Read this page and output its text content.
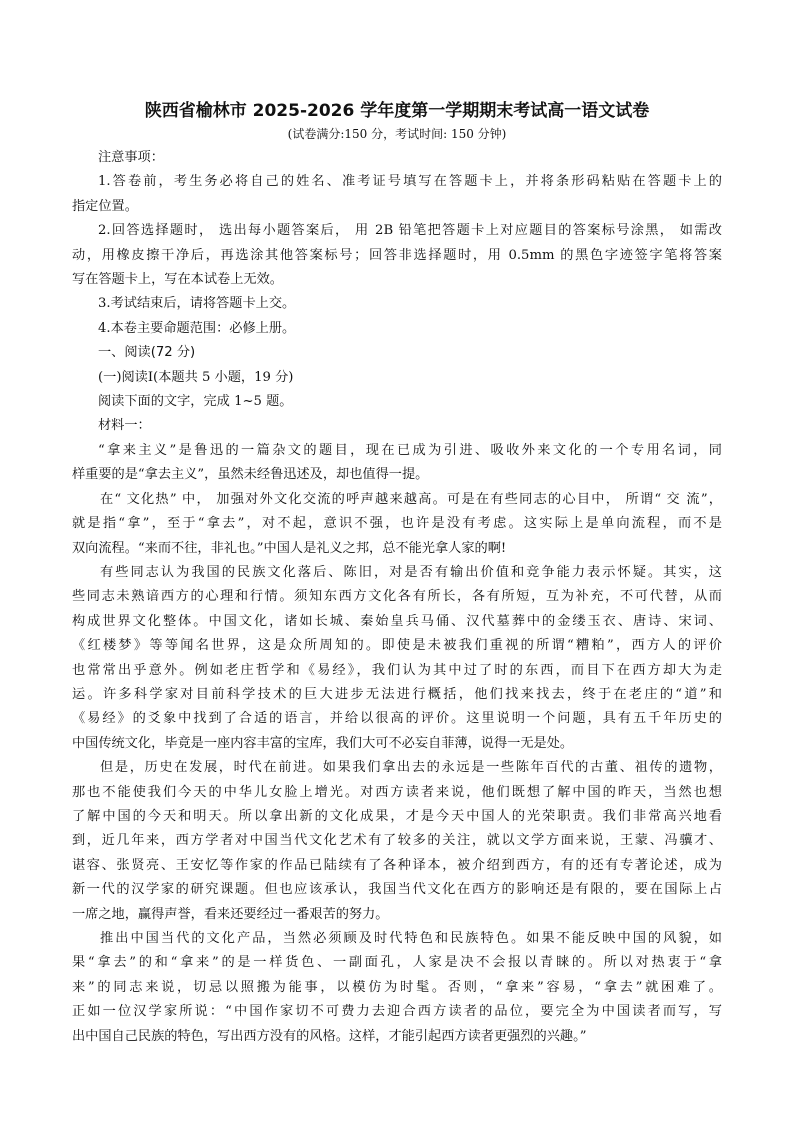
陕西省榆林市 2025-2026 学年度第一学期期末考试高一语文试卷
(试卷满分:150 分，考试时间: 150 分钟)
注意事项：
1.答卷前，考生务必将自己的姓名、准考证号填写在答题卡上，并将条形码粘贴在答题卡上的
指定位置。
2.回答选择题时， 选出每小题答案后， 用 2B 铅笔把答题卡上对应题目的答案标号涂黑， 如需改
动，用橡皮擦干净后，再选涂其他答案标号；回答非选择题时，用 0.5mm 的黑色字迹签字笔将答案
写在答题卡上，写在本试卷上无效。
3.考试结束后，请将答题卡上交。
4.本卷主要命题范围：必修上册。
一、阅读(72 分)
(一)阅读Ⅰ(本题共 5 小题，19 分)
阅读下面的文字，完成 1~5 题。
材料一：
“拿来主义”是鲁迅的一篇杂文的题目，现在已成为引进、吸收外来文化的一个专用名词，同
样重要的是“拿去主义”，虽然未经鲁迅述及，却也值得一提。
在“ 文化热” 中， 加强对外文化交流的呼声越来越高。可是在有些同志的心目中， 所谓“ 交 流”，
就是指“拿”，至于“拿去”，对不起，意识不强，也许是没有考虑。这实际上是单向流程，而不是
双向流程。“来而不往，非礼也。”中国人是礼义之邦，总不能光拿人家的啊!
有些同志认为我国的民族文化落后、陈旧，对是否有输出价值和竞争能力表示怀疑。其实，这
些同志未熟谙西方的心理和行情。须知东西方文化各有所长，各有所短，互为补充，不可代替，从而
构成世界文化整体。中国文化，诸如长城、秦始皇兵马俑、汉代墓葬中的金缕玉衣、唐诗、宋词、
《红楼梦》等等闻名世界，这是众所周知的。即使是未被我们重视的所谓“糟粕”，西方人的评价
也常常出乎意外。例如老庄哲学和《易经》，我们认为其中过了时的东西，而目下在西方却大为走
运。许多科学家对目前科学技术的巨大进步无法进行概括，他们找来找去，终于在老庄的“道”和
《易经》的爻象中找到了合适的语言，并给以很高的评价。这里说明一个问题，具有五千年历史的
中国传统文化，毕竟是一座内容丰富的宝库，我们大可不必妄自菲薄，说得一无是处。
但是，历史在发展，时代在前进。如果我们拿出去的永远是一些陈年百代的古董、祖传的遗物，
那也不能使我们今天的中华儿女脸上增光。对西方读者来说，他们既想了解中国的昨天，当然也想
了解中国的今天和明天。所以拿出新的文化成果，才是今天中国人的光荣职责。我们非常高兴地看
到，近几年来，西方学者对中国当代文化艺术有了较多的关注，就以文学方面来说，王蒙、冯骥才、
谌容、张贤亮、王安忆等作家的作品已陆续有了各种译本，被介绍到西方，有的还有专著论述，成为
新一代的汉学家的研究课题。但也应该承认，我国当代文化在西方的影响还是有限的，要在国际上占
一席之地，赢得声誉，看来还要经过一番艰苦的努力。
推出中国当代的文化产品，当然必须顾及时代特色和民族特色。如果不能反映中国的风貌，如
果“拿去”的和“拿来”的是一样货色、一副面孔，人家是决不会报以青睐的。所以对热衷于“拿
来”的同志来说，切忌以照搬为能事，以模仿为时髦。否则，“拿来”容易，“拿去”就困难了。
正如一位汉学家所说：“中国作家切不可费力去迎合西方读者的品位，要完全为中国读者而写，写
出中国自己民族的特色，写出西方没有的风格。这样，才能引起西方读者更强烈的兴趣。”
